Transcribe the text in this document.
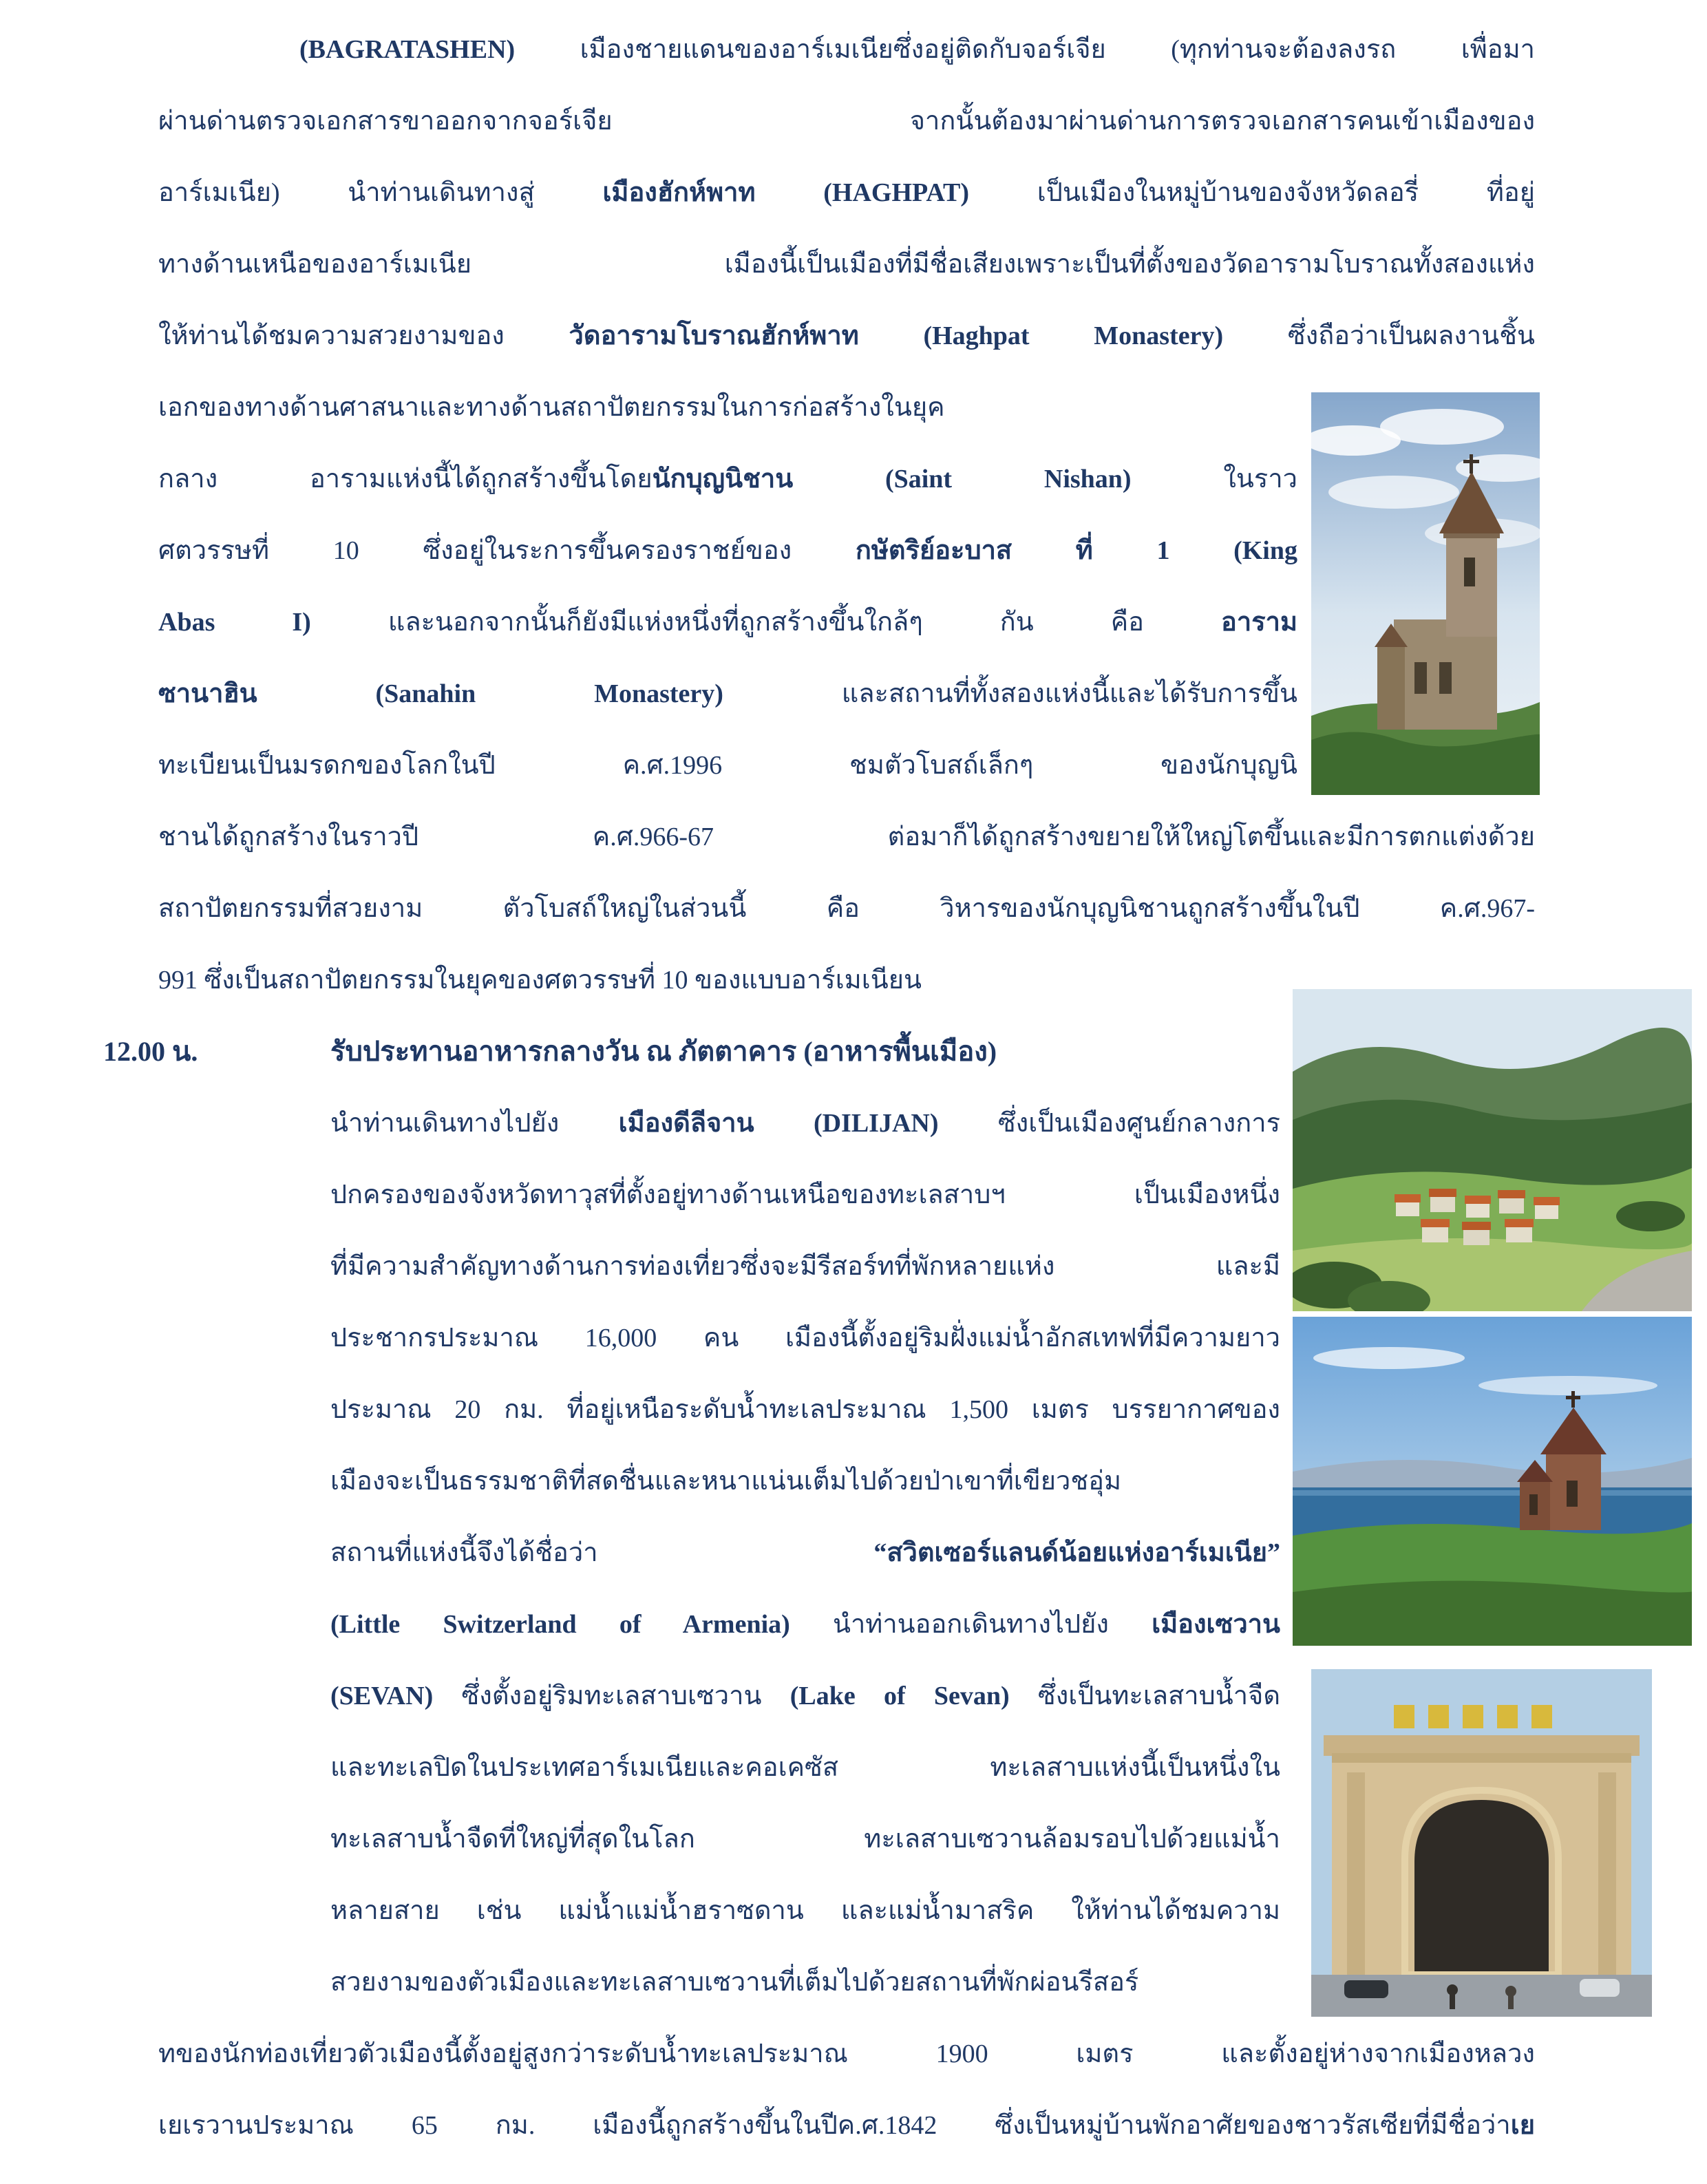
(BAGRATASHEN) เมืองชายแดนของอาร์เมเนียซึ่งอยู่ติดกับจอร์เจีย (ทุกท่านจะต้องลงรถ เพื่อมา
ผ่านด่านตรวจเอกสารขาออกจากจอร์เจีย จากนั้นต้องมาผ่านด่านการตรวจเอกสารคนเข้าเมืองของ
อาร์เมเนีย) นำท่านเดินทางสู่ เมืองฮักห์พาท (HAGHPAT) เป็นเมืองในหมู่บ้านของจังหวัดลอรี่ ที่อยู่
ทางด้านเหนือของอาร์เมเนีย เมืองนี้เป็นเมืองที่มีชื่อเสียงเพราะเป็นที่ตั้งของวัดอารามโบราณทั้งสองแห่ง
ให้ท่านได้ชมความสวยงามของ วัดอารามโบราณฮักห์พาท (Haghpat Monastery) ซึ่งถือว่าเป็นผลงานชิ้น
เอกของทางด้านศาสนาและทางด้านสถาปัตยกรรมในการก่อสร้างในยุค
กลาง อารามแห่งนี้ได้ถูกสร้างขึ้นโดยนักบุญนิชาน (Saint Nishan) ในราว
ศตวรรษที่ 10 ซึ่งอยู่ในระการขึ้นครองราชย์ของ กษัตริย์อะบาส ที่ 1 (King
Abas I) และนอกจากนั้นก็ยังมีแห่งหนึ่งที่ถูกสร้างขึ้นใกล้ๆ กัน คือ อาราม
ซานาฮิน (Sanahin Monastery) และสถานที่ทั้งสองแห่งนี้และได้รับการขึ้น
ทะเบียนเป็นมรดกของโลกในปี ค.ศ.1996 ชมตัวโบสถ์เล็กๆ ของนักบุญนิ
ชานได้ถูกสร้างในราวปี ค.ศ.966-67 ต่อมาก็ได้ถูกสร้างขยายให้ใหญ่โตขึ้นและมีการตกแต่งด้วย
สถาปัตยกรรมที่สวยงาม ตัวโบสถ์ใหญ่ในส่วนนี้ คือ วิหารของนักบุญนิชานถูกสร้างขึ้นในปี ค.ศ.967-
991 ซึ่งเป็นสถาปัตยกรรมในยุคของศตวรรษที่ 10 ของแบบอาร์เมเนียน
12.00 น.	รับประทานอาหารกลางวัน ณ ภัตตาคาร (อาหารพื้นเมือง)
นำท่านเดินทางไปยัง เมืองดีลีจาน (DILIJAN) ซึ่งเป็นเมืองศูนย์กลางการ
ปกครองของจังหวัดทาวุสที่ตั้งอยู่ทางด้านเหนือของทะเลสาบฯ เป็นเมืองหนึ่ง
ที่มีความสำคัญทางด้านการท่องเที่ยวซึ่งจะมีรีสอร์ทที่พักหลายแห่ง และมี
ประชากรประมาณ 16,000 คน เมืองนี้ตั้งอยู่ริมฝั่งแม่น้ำอักสเทฟที่มีความยาว
ประมาณ 20 กม. ที่อยู่เหนือระดับน้ำทะเลประมาณ 1,500 เมตร บรรยากาศของ
เมืองจะเป็นธรรมชาติที่สดชื่นและหนาแน่นเต็มไปด้วยป่าเขาที่เขียวชอุ่ม
สถานที่แห่งนี้จึงได้ชื่อว่า “สวิตเซอร์แลนด์น้อยแห่งอาร์เมเนีย”
(Little Switzerland of Armenia) นำท่านออกเดินทางไปยัง เมืองเซวาน
(SEVAN) ซึ่งตั้งอยู่ริมทะเลสาบเซวาน (Lake of Sevan) ซึ่งเป็นทะเลสาบน้ำจืด
และทะเลปิดในประเทศอาร์เมเนียและคอเคซัส ทะเลสาบแห่งนี้เป็นหนึ่งใน
ทะเลสาบน้ำจืดที่ใหญ่ที่สุดในโลก ทะเลสาบเซวานล้อมรอบไปด้วยแม่น้ำ
หลายสาย เช่น แม่น้ำแม่น้ำฮราซดาน และแม่น้ำมาสริค ให้ท่านได้ชมความ
สวยงามของตัวเมืองและทะเลสาบเซวานที่เต็มไปด้วยสถานที่พักผ่อนรีสอร์
ทของนักท่องเที่ยวตัวเมืองนี้ตั้งอยู่สูงกว่าระดับน้ำทะเลประมาณ 1900 เมตร และตั้งอยู่ห่างจากเมืองหลวง
เยเรวานประมาณ 65 กม. เมืองนี้ถูกสร้างขึ้นในปีค.ศ.1842 ซึ่งเป็นหมู่บ้านพักอาศัยของชาวรัสเซียที่มีชื่อว่าเย
